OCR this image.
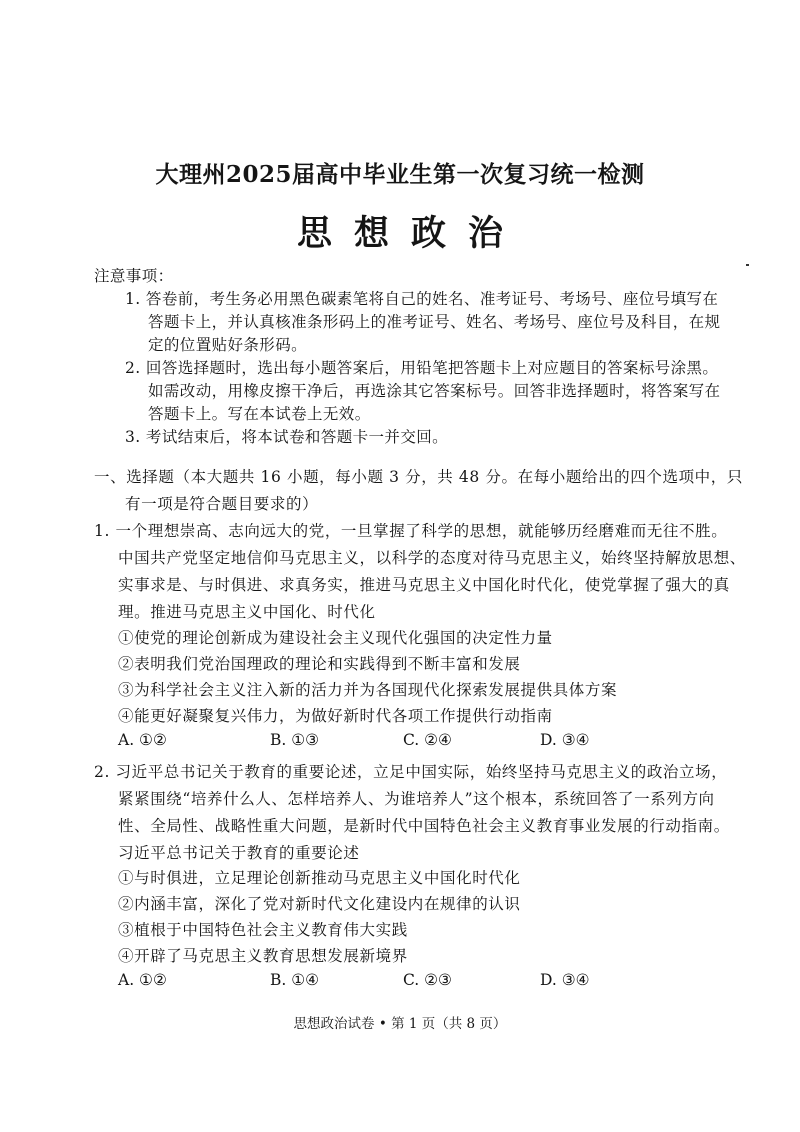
大理州2025届高中毕业生第一次复习统一检测
思想政治
注意事项：
1. 答卷前，考生务必用黑色碳素笔将自己的姓名、准考证号、考场号、座位号填写在
答题卡上，并认真核准条形码上的准考证号、姓名、考场号、座位号及科目，在规
定的位置贴好条形码。
2. 回答选择题时，选出每小题答案后，用铅笔把答题卡上对应题目的答案标号涂黑。
如需改动，用橡皮擦干净后，再选涂其它答案标号。回答非选择题时，将答案写在
答题卡上。写在本试卷上无效。
3. 考试结束后，将本试卷和答题卡一并交回。
一、选择题（本大题共 16 小题，每小题 3 分，共 48 分。在每小题给出的四个选项中，只
有一项是符合题目要求的）
1. 一个理想崇高、志向远大的党，一旦掌握了科学的思想，就能够历经磨难而无往不胜。
中国共产党坚定地信仰马克思主义，以科学的态度对待马克思主义，始终坚持解放思想、
实事求是、与时俱进、求真务实，推进马克思主义中国化时代化，使党掌握了强大的真
理。推进马克思主义中国化、时代化
①使党的理论创新成为建设社会主义现代化强国的决定性力量
②表明我们党治国理政的理论和实践得到不断丰富和发展
③为科学社会主义注入新的活力并为各国现代化探索发展提供具体方案
④能更好凝聚复兴伟力，为做好新时代各项工作提供行动指南
A. ①②	B. ①③	C. ②④	D. ③④
2. 习近平总书记关于教育的重要论述，立足中国实际，始终坚持马克思主义的政治立场，
紧紧围绕“培养什么人、怎样培养人、为谁培养人”这个根本，系统回答了一系列方向
性、全局性、战略性重大问题，是新时代中国特色社会主义教育事业发展的行动指南。
习近平总书记关于教育的重要论述
①与时俱进，立足理论创新推动马克思主义中国化时代化
②内涵丰富，深化了党对新时代文化建设内在规律的认识
③植根于中国特色社会主义教育伟大实践
④开辟了马克思主义教育思想发展新境界
A. ①②	B. ①④	C. ②③	D. ③④
思想政治试卷 • 第 1 页（共 8 页）
